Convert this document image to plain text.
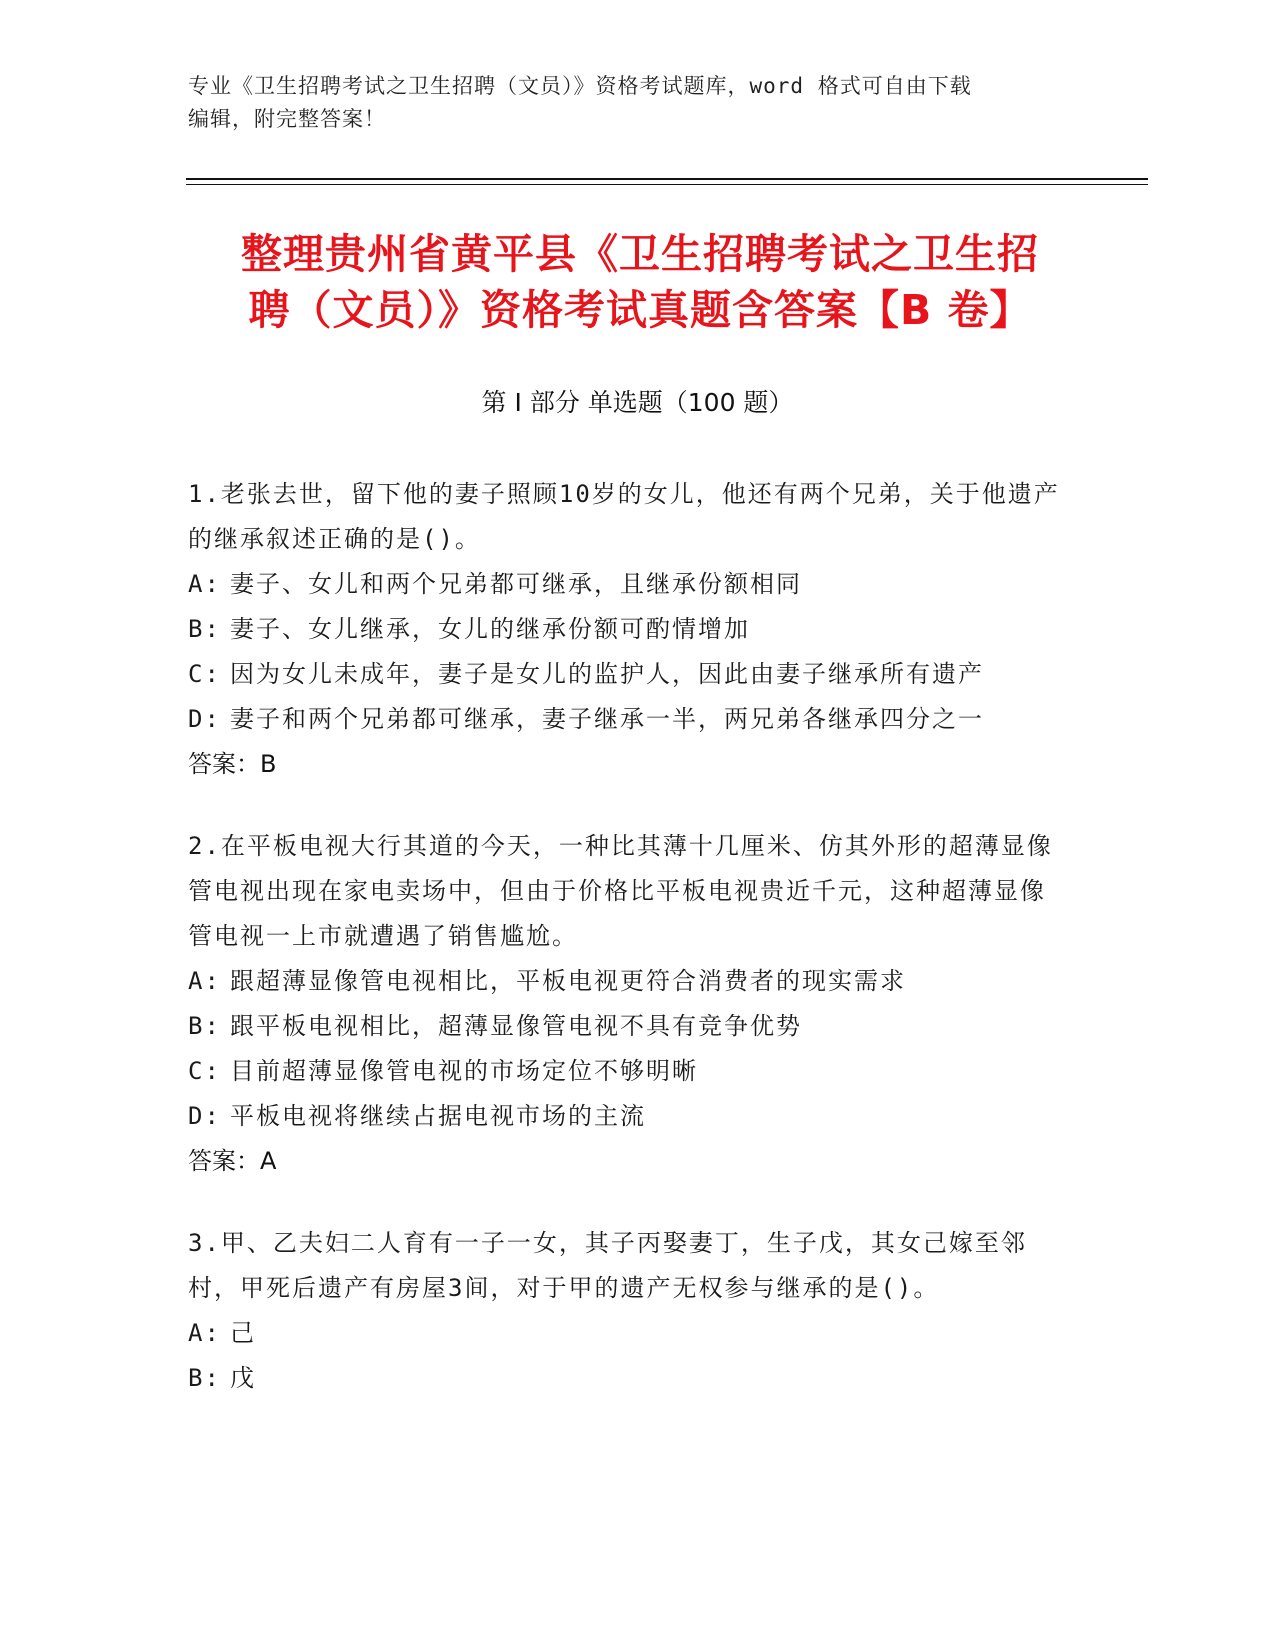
专业《卫生招聘考试之卫生招聘（文员）》资格考试题库，word 格式可自由下载
编辑，附完整答案！
整理贵州省黄平县《卫生招聘考试之卫生招
聘（文员）》资格考试真题含答案【B 卷】
第 I 部分 单选题（100 题）

1.老张去世，留下他的妻子照顾10岁的女儿，他还有两个兄弟，关于他遗产的继承叙述正确的是()。

A: 妻子、女儿和两个兄弟都可继承，且继承份额相同

B: 妻子、女儿继承，女儿的继承份额可酌情增加

C: 因为女儿未成年，妻子是女儿的监护人，因此由妻子继承所有遗产

D: 妻子和两个兄弟都可继承，妻子继承一半，两兄弟各继承四分之一

答案：B

2.在平板电视大行其道的今天，一种比其薄十几厘米、仿其外形的超薄显像管电视出现在家电卖场中，但由于价格比平板电视贵近千元，这种超薄显像管电视一上市就遭遇了销售尴尬。

A: 跟超薄显像管电视相比，平板电视更符合消费者的现实需求

B: 跟平板电视相比，超薄显像管电视不具有竞争优势

C: 目前超薄显像管电视的市场定位不够明晰

D: 平板电视将继续占据电视市场的主流

答案：A

3.甲、乙夫妇二人育有一子一女，其子丙娶妻丁，生子戊，其女己嫁至邻村，甲死后遗产有房屋3间，对于甲的遗产无权参与继承的是()。

A: 己

B: 戊
